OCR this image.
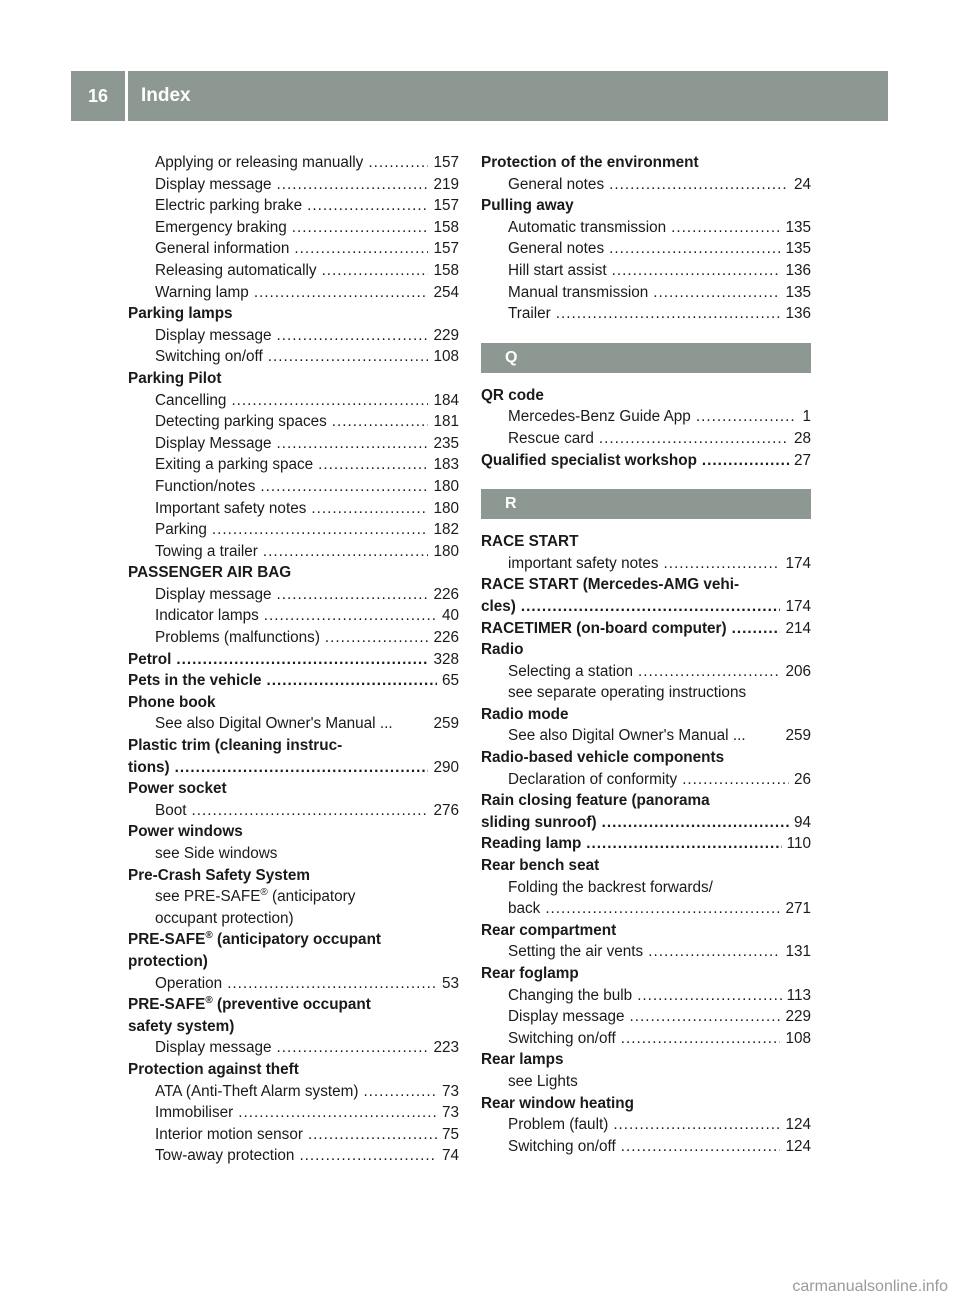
16	Index
Applying or releasing manually .....	157
Display message .....	219
Electric parking brake .....	157
Emergency braking .....	158
General information .....	157
Releasing automatically .....	158
Warning lamp .....	254
Parking lamps
Display message .....	229
Switching on/off .....	108
Parking Pilot
Cancelling .....	184
Detecting parking spaces .....	181
Display Message .....	235
Exiting a parking space .....	183
Function/notes .....	180
Important safety notes .....	180
Parking .....	182
Towing a trailer .....	180
PASSENGER AIR BAG
Display message .....	226
Indicator lamps .....	40
Problems (malfunctions) .....	226
Petrol .....	328
Pets in the vehicle .....	65
Phone book
See also Digital Owner's Manual ...	259
Plastic trim (cleaning instruc-
tions) .....	290
Power socket
Boot .....	276
Power windows
see Side windows
Pre-Crash Safety System
see PRE-SAFE® (anticipatory
occupant protection)
PRE-SAFE® (anticipatory occupant
protection)
Operation .....	53
PRE-SAFE® (preventive occupant
safety system)
Display message .....	223
Protection against theft
ATA (Anti-Theft Alarm system) .....	73
Immobiliser .....	73
Interior motion sensor .....	75
Tow-away protection .....	74
Protection of the environment
General notes .....	24
Pulling away
Automatic transmission .....	135
General notes .....	135
Hill start assist .....	136
Manual transmission .....	135
Trailer .....	136
Q
QR code
Mercedes-Benz Guide App .....	1
Rescue card .....	28
Qualified specialist workshop .....	27
R
RACE START
important safety notes .....	174
RACE START (Mercedes-AMG vehi-
cles) .....	174
RACETIMER (on-board computer) .....	214
Radio
Selecting a station .....	206
see separate operating instructions
Radio mode
See also Digital Owner's Manual ...	259
Radio-based vehicle components
Declaration of conformity .....	26
Rain closing feature (panorama
sliding sunroof) .....	94
Reading lamp .....	110
Rear bench seat
Folding the backrest forwards/
back .....	271
Rear compartment
Setting the air vents .....	131
Rear foglamp
Changing the bulb .....	113
Display message .....	229
Switching on/off .....	108
Rear lamps
see Lights
Rear window heating
Problem (fault) .....	124
Switching on/off .....	124
carmanualsonline.info
